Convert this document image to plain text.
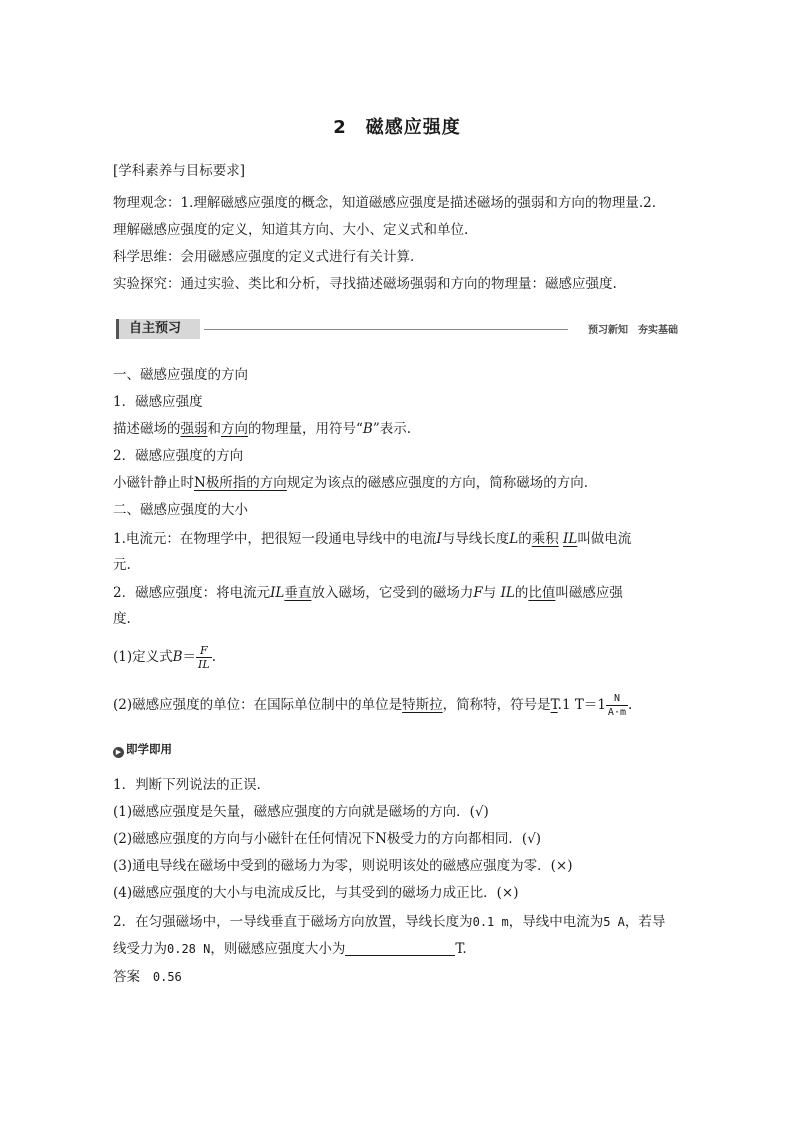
2　磁感应强度
[学科素养与目标要求]
物理观念：1.理解磁感应强度的概念，知道磁感应强度是描述磁场的强弱和方向的物理量.2.
理解磁感应强度的定义，知道其方向、大小、定义式和单位.
科学思维：会用磁感应强度的定义式进行有关计算.
实验探究：通过实验、类比和分析，寻找描述磁场强弱和方向的物理量：磁感应强度.
自主预习	预习新知　夯实基础
一、磁感应强度的方向
1．磁感应强度
描述磁场的强弱和方向的物理量，用符号“B”表示.
2．磁感应强度的方向
小磁针静止时N极所指的方向规定为该点的磁感应强度的方向，简称磁场的方向.
二、磁感应强度的大小
1.电流元：在物理学中，把很短一段通电导线中的电流I与导线长度L的乘积 IL叫做电流
元.
2．磁感应强度：将电流元IL垂直放入磁场，它受到的磁场力F与 IL的比值叫磁感应强
度.
(1)定义式$B= \frac{F}{IL}$ .
(2)磁感应强度的单位：在国际单位制中的单位是特斯拉，简称特，符号是T.1 $T=1 \frac{N}{A\cdot m}$ .
▶ 即学即用
1．判断下列说法的正误．
(1)磁感应强度是矢量，磁感应强度的方向就是磁场的方向．(√)
(2)磁感应强度的方向与小磁针在任何情况下N极受力的方向都相同．(√)
(3)通电导线在磁场中受到的磁场力为零，则说明该处的磁感应强度为零．(×)
(4)磁感应强度的大小与电流成反比，与其受到的磁场力成正比．(×)
2．在匀强磁场中，一导线垂直于磁场方向放置，导线长度为0.1 m，导线中电流为5 A，若导
线受力为0.28 N，则磁感应强度大小为	T.
答案 0.56
